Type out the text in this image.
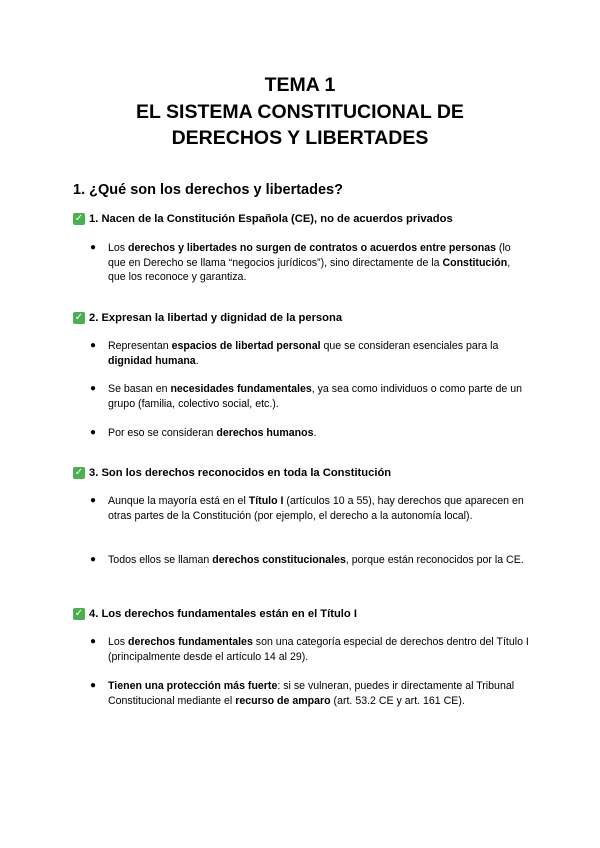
TEMA 1
EL SISTEMA CONSTITUCIONAL DE
DERECHOS Y LIBERTADES
1. ¿Qué son los derechos y libertades?
✓ 1. Nacen de la Constitución Española (CE), no de acuerdos privados
● Los derechos y libertades no surgen de contratos o acuerdos entre personas (lo que en Derecho se llama “negocios jurídicos”), sino directamente de la Constitución, que los reconoce y garantiza.
✓ 2. Expresan la libertad y dignidad de la persona
● Representan espacios de libertad personal que se consideran esenciales para la dignidad humana.
● Se basan en necesidades fundamentales, ya sea como individuos o como parte de un grupo (familia, colectivo social, etc.).
● Por eso se consideran derechos humanos.
✓ 3. Son los derechos reconocidos en toda la Constitución
● Aunque la mayoría está en el Título I (artículos 10 a 55), hay derechos que aparecen en otras partes de la Constitución (por ejemplo, el derecho a la autonomía local).
● Todos ellos se llaman derechos constitucionales, porque están reconocidos por la CE.
✓ 4. Los derechos fundamentales están en el Título I
● Los derechos fundamentales son una categoría especial de derechos dentro del Título I (principalmente desde el artículo 14 al 29).
● Tienen una protección más fuerte: si se vulneran, puedes ir directamente al Tribunal Constitucional mediante el recurso de amparo (art. 53.2 CE y art. 161 CE).
